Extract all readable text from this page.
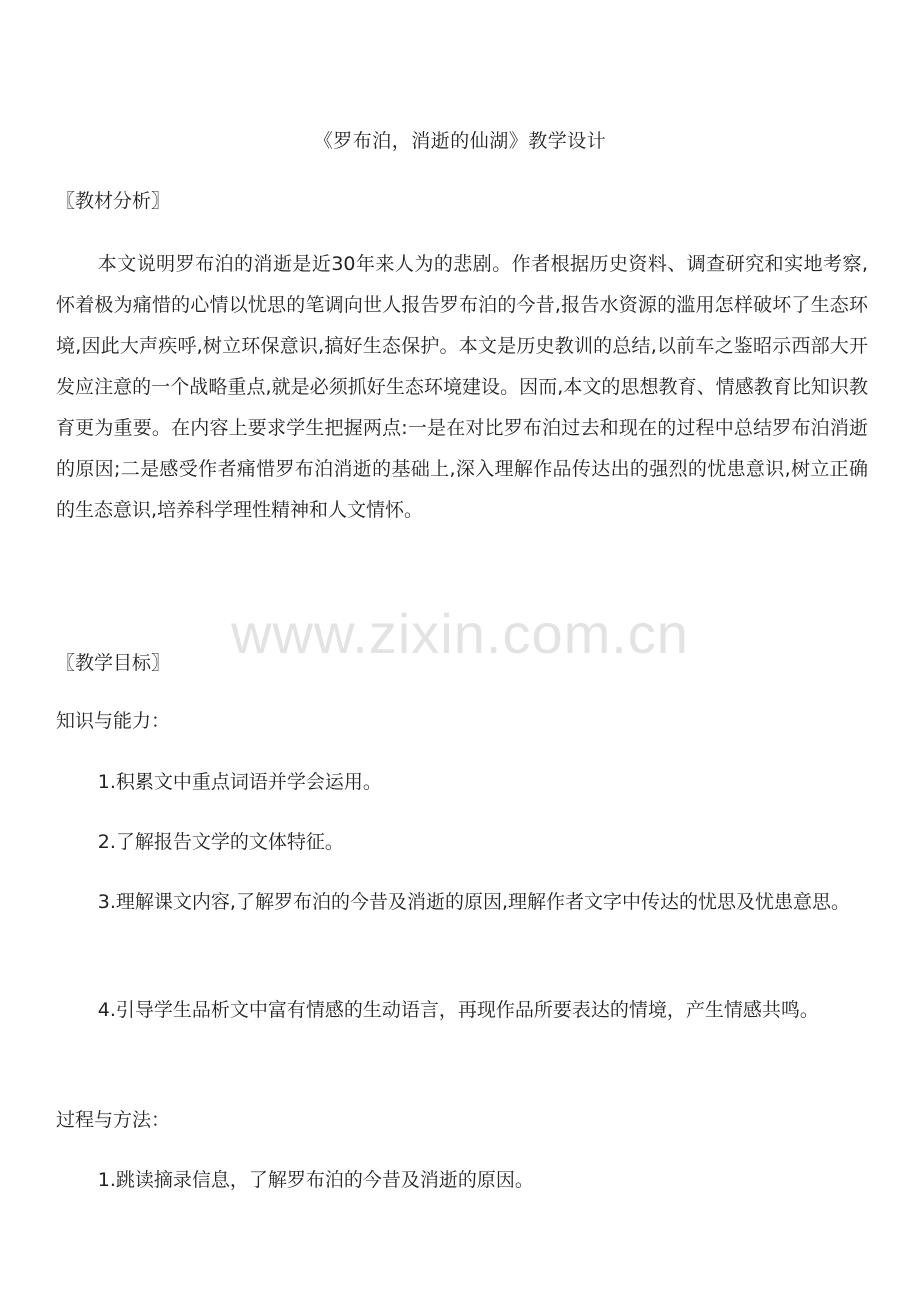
《罗布泊，消逝的仙湖》教学设计
〖教材分析〗

本文说明罗布泊的消逝是近30年来人为的悲剧。作者根据历史资料、调查研究和实地考察,怀着极为痛惜的心情以忧思的笔调向世人报告罗布泊的今昔,报告水资源的滥用怎样破坏了生态环境,因此大声疾呼,树立环保意识,搞好生态保护。本文是历史教训的总结,以前车之鉴昭示西部大开发应注意的一个战略重点,就是必须抓好生态环境建设。因而,本文的思想教育、情感教育比知识教育更为重要。在内容上要求学生把握两点:一是在对比罗布泊过去和现在的过程中总结罗布泊消逝的原因;二是感受作者痛惜罗布泊消逝的基础上,深入理解作品传达出的强烈的忧患意识,树立正确的生态意识,培养科学理性精神和人文情怀。

www.zixin.com.cn
〖教学目标〗
知识与能力：

1.积累文中重点词语并学会运用。

2.了解报告文学的文体特征。

3.理解课文内容,了解罗布泊的今昔及消逝的原因,理解作者文字中传达的忧思及忧患意思。

4.引导学生品析文中富有情感的生动语言，再现作品所要表达的情境，产生情感共鸣。

过程与方法：

1.跳读摘录信息，了解罗布泊的今昔及消逝的原因。
